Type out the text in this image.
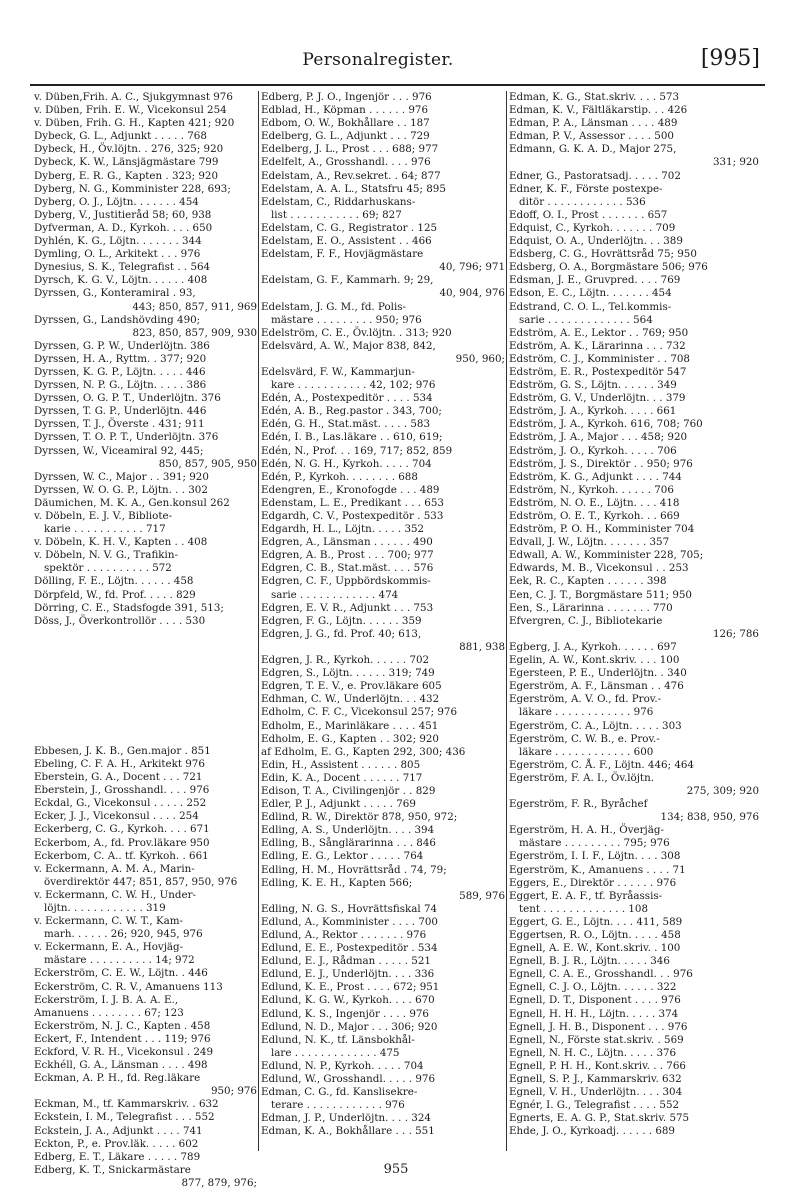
Personalregister.	[995]
v. Düben,Frih. A. C., Sjukgymnast 976
v. Düben, Frih. E. W., Vicekonsul 254
v. Düben, Frih. G. H., Kapten 421; 920
Dybeck, G. L., Adjunkt . . . . . 768
Dybeck, H., Öv.löjtn. . 276, 325; 920
Dybeck, K. W., Länsjägmästare 799
Dyberg, E. R. G., Kapten . 323; 920
Dyberg, N. G., Komminister 228, 693;
Dyberg, O. J., Löjtn. . . . . . . 454
Dyberg, V., Justitieråd 58; 60, 938
Dyfverman, A. D., Kyrkoh. . . . 650
Dyhlén, K. G., Löjtn. . . . . . . 344
Dymling, O. L., Arkitekt . . . 976
Dynesius, S. K., Telegrafist . . 564
Dyrsch, K. G. V., Löjtn. . . . . . 408
Dyrssen, G., Konteramiral . 93,
443; 850, 857, 911, 969
Dyrssen, G., Landshövding 490;
823, 850, 857, 909, 930
Dyrssen, G. P. W., Underlöjtn. 386
Dyrssen, H. A., Ryttm. . 377; 920
Dyrssen, K. G. P., Löjtn. . . . . 446
Dyrssen, N. P. G., Löjtn. . . . . 386
Dyrssen, O. G. P. T., Underlöjtn. 376
Dyrssen, T. G. P., Underlöjtn. 446
Dyrssen, T. J., Överste . 431; 911
Dyrssen, T. O. P. T., Underlöjtn. 376
Dyrssen, W., Viceamiral 92, 445;
850, 857, 905, 950
Dyrssen, W. C., Major . . 391; 920
Dyrssen, W. O. G. P., Löjtn. . . 302
Däumichen, M. K. A., Gen.konsul 262
v. Döbeln, E. J. V., Bibliote-
karie . . . . . . . . . . . 717
v. Döbeln, K. H. V., Kapten . . 408
v. Döbeln, N. V. G., Trafikin-
spektör . . . . . . . . . . 572
Dölling, F. E., Löjtn. . . . . . 458
Dörpfeld, W., fd. Prof. . . . . 829
Dörring, C. E., Stadsfogde 391, 513;
Döss, J., Överkontrollör . . . . 530
Ebbesen, J. K. B., Gen.major . 851
Ebeling, C. F. A. H., Arkitekt 976
Eberstein, G. A., Docent . . . 721
Eberstein, J., Grosshandl. . . . 976
Eckdal, G., Vicekonsul . . . . . 252
Ecker, J. J., Vicekonsul . . . . 254
Eckerberg, C. G., Kyrkoh. . . . 671
Eckerbom, A., fd. Prov.läkare 950
Eckerbom, C. A.. tf. Kyrkoh. . 661
v. Eckermann, A. M. A., Marin-
överdirektör 447; 851, 857, 950, 976
v. Eckermann, C. W. H., Under-
löjtn. . . . . . . . . . . . 319
v. Eckermann, C. W. T., Kam-
marh. . . . . . 26; 920, 945, 976
v. Eckermann, E. A., Hovjäg-
mästare . . . . . . . . . . 14; 972
Eckerström, C. E. W., Löjtn. . 446
Eckerström, C. R. V., Amanuens 113
Eckerström, I. J. B. A. A. E.,
Amanuens . . . . . . . . 67; 123
Eckerström, N. J. C., Kapten . 458
Eckert, F., Intendent . . . 119; 976
Eckford, V. R. H., Vicekonsul . 249
Eckhéll, G. A., Länsman . . . . 498
Eckman, A. P. H., fd. Reg.läkare
950; 976
Eckman, M., tf. Kammarskriv. . 632
Eckstein, I. M., Telegrafist . . . 552
Eckstein, J. A., Adjunkt . . . . 741
Eckton, P., e. Prov.läk. . . . . 602
Edberg, E. T., Läkare . . . . . 789
Edberg, K. T., Snickarmästare
877, 879, 976;
Edberg, P. J. O., Ingenjör . . . 976
Edblad, H., Köpman . . . . . . 976
Edbom, O. W., Bokhållare . . 187
Edelberg, G. L., Adjunkt . . . 729
Edelberg, J. L., Prost . . . 688; 977
Edelfelt, A., Grosshandl. . . . 976
Edelstam, A., Rev.sekret. . 64; 877
Edelstam, A. A. L., Statsfru 45; 895
Edelstam, C., Riddarhuskans-
list . . . . . . . . . . . 69; 827
Edelstam, C. G., Registrator . 125
Edelstam, E. O., Assistent . . 466
Edelstam, F. F., Hovjägmästare
40, 796; 971
Edelstam, G. F., Kammarh. 9; 29,
40, 904, 976
Edelstam, J. G. M., fd. Polis-
mästare . . . . . . . . . 950; 976
Edelström, C. E., Öv.löjtn. . 313; 920
Edelsvärd, A. W., Major 838, 842,
950, 960;
Edelsvärd, F. W., Kammarjun-
kare . . . . . . . . . . . 42, 102; 976
Edén, A., Postexpeditör . . . . 534
Edén, A. B., Reg.pastor . 343, 700;
Edén, G. H., Stat.mäst. . . . . 583
Edén, I. B., Las.läkare . . 610, 619;
Edén, N., Prof. . . 169, 717; 852, 859
Edén, N. G. H., Kyrkoh. . . . . 704
Edén, P., Kyrkoh. . . . . . . . 688
Edengren, E., Kronofogde . . . 489
Edenstam, L. E., Predikant . . . 653
Edgardh, C. V., Postexpeditör . 533
Edgardh, H. L., Löjtn. . . . . 352
Edgren, A., Länsman . . . . . . 490
Edgren, A. B., Prost . . . 700; 977
Edgren, C. B., Stat.mäst. . . . 576
Edgren, C. F., Uppbördskommis-
sarie . . . . . . . . . . . . 474
Edgren, E. V. R., Adjunkt . . . 753
Edgren, F. G., Löjtn. . . . . . 359
Edgren, J. G., fd. Prof. 40; 613,
881, 938
Edgren, J. R., Kyrkoh. . . . . . 702
Edgren, S., Löjtn. . . . . . 319; 749
Edgren, T. E. V., e. Prov.läkare 605
Edhman, C. W., Underlöjtn. . . 432
Edholm, C. F. C., Vicekonsul 257; 976
Edholm, E., Marinläkare . . . . 451
Edholm, E. G., Kapten . . 302; 920
af Edholm, E. G., Kapten 292, 300; 436
Edin, H., Assistent . . . . . . 805
Edin, K. A., Docent . . . . . . 717
Edison, T. A., Civilingenjör . . 829
Edler, P. J., Adjunkt . . . . . 769
Edlind, R. W., Direktör 878, 950, 972;
Edling, A. S., Underlöjtn. . . . 394
Edling, B., Sånglärarinna . . . 846
Edling, E. G., Lektor . . . . . 764
Edling, H. M., Hovrättsråd . 74, 79;
Edling, K. E. H., Kapten 566;
589, 976
Edling, N. G. S., Hovrättsfiskal 74
Edlund, A., Komminister . . . . 700
Edlund, A., Rektor . . . . . . . 976
Edlund, E. E., Postexpeditör . 534
Edlund, E. J., Rådman . . . . . 521
Edlund, E. J., Underlöjtn. . . . 336
Edlund, K. E., Prost . . . . 672; 951
Edlund, K. G. W., Kyrkoh. . . . 670
Edlund, K. S., Ingenjör . . . . 976
Edlund, N. D., Major . . . 306; 920
Edlund, N. K., tf. Länsbokhål-
lare . . . . . . . . . . . . . 475
Edlund, N. P., Kyrkoh. . . . . 704
Edlund, W., Grosshandl. . . . . 976
Edman, C. G., fd. Kanslisekre-
terare . . . . . . . . . . . . 976
Edman, J. P., Underlöjtn. . . . 324
Edman, K. A., Bokhållare . . . 551
Edman, K. G., Stat.skriv. . . . 573
Edman, K. V., Fältläkarstip. . . 426
Edman, P. A., Länsman . . . . 489
Edman, P. V., Assessor . . . . 500
Edmann, G. K. A. D., Major 275,
331; 920
Edner, G., Pastoratsadj. . . . . 702
Edner, K. F., Förste postexpe-
ditör . . . . . . . . . . . . 536
Edoff, O. I., Prost . . . . . . . 657
Edquist, C., Kyrkoh. . . . . . . 709
Edquist, O. A., Underlöjtn. . . 389
Edsberg, C. G., Hovrättsråd 75; 950
Edsberg, O. A., Borgmästare 506; 976
Edsman, J. E., Gruvpred. . . . 769
Edson, E. C., Löjtn. . . . . . . 454
Edstrand, C. O. L., Tel.kommis-
sarie . . . . . . . . . . . . . 564
Edström, A. E., Lektor . . 769; 950
Edström, A. K., Lärarinna . . . 732
Edström, C. J., Komminister . . 708
Edström, E. R., Postexpeditör 547
Edström, G. S., Löjtn. . . . . . 349
Edström, G. V., Underlöjtn. . . 379
Edström, J. A., Kyrkoh. . . . . 661
Edström, J. A., Kyrkoh. 616, 708; 760
Edström, J. A., Major . . . 458; 920
Edström, J. O., Kyrkoh. . . . . 706
Edström, J. S., Direktör . . 950; 976
Edström, K. G., Adjunkt . . . . 744
Edström, N., Kyrkoh. . . . . . 706
Edström, N. O. E., Löjtn. . . . 418
Edström, O. E. T., Kyrkoh. . . 669
Edström, P. O. H., Komminister 704
Edvall, J. W., Löjtn. . . . . . . 357
Edwall, A. W., Komminister 228, 705;
Edwards, M. B., Vicekonsul . . 253
Eek, R. C., Kapten . . . . . . 398
Een, C. J. T., Borgmästare 511; 950
Een, S., Lärarinna . . . . . . . 770
Efvergren, C. J., Bibliotekarie
126; 786
Egberg, J. A., Kyrkoh. . . . . . 697
Egelin, A. W., Kont.skriv. . . . 100
Egersteen, P. E., Underlöjtn. . 340
Egerström, A. F., Länsman . . 476
Egerström, A. V. O., fd. Prov.-
läkare . . . . . . . . . . . . 976
Egerström, C. A., Löjtn. . . . . 303
Egerström, C. W. B., e. Prov.-
läkare . . . . . . . . . . . . 600
Egerström, C. Å. F., Löjtn. 446; 464
Egerström, F. A. I., Öv.löjtn.
275, 309; 920
Egerström, F. R., Byråchef
134; 838, 950, 976
Egerström, H. A. H., Överjäg-
mästare . . . . . . . . . 795; 976
Egerström, I. I. F., Löjtn. . . . 308
Egerström, K., Amanuens . . . . 71
Eggers, E., Direktör . . . . . . 976
Eggert, E. A. F., tf. Byråassis-
tent . . . . . . . . . . . . . 108
Eggert, G. E., Löjtn. . . . 411, 589
Eggertsen, R. O., Löjtn. . . . . 458
Egnell, A. E. W., Kont.skriv. . 100
Egnell, B. J. R., Löjtn. . . . . 346
Egnell, C. A. E., Grosshandl. . . 976
Egnell, C. J. O., Löjtn. . . . . . 322
Egnell, D. T., Disponent . . . . 976
Egnell, H. H. H., Löjtn. . . . . 374
Egnell, J. H. B., Disponent . . . 976
Egnell, N., Förste stat.skriv. . 569
Egnell, N. H. C., Löjtn. . . . . 376
Egnell, P. H. H., Kont.skriv. . . 766
Egnell, S. P. J., Kammarskriv. 632
Egnell, V. H., Underlöjtn. . . . 304
Egnér, I. G., Telegrafist . . . . 552
Egnerts, E. A. G. P., Stat.skriv. 575
Ehde, J. O., Kyrkoadj. . . . . . 689
955
